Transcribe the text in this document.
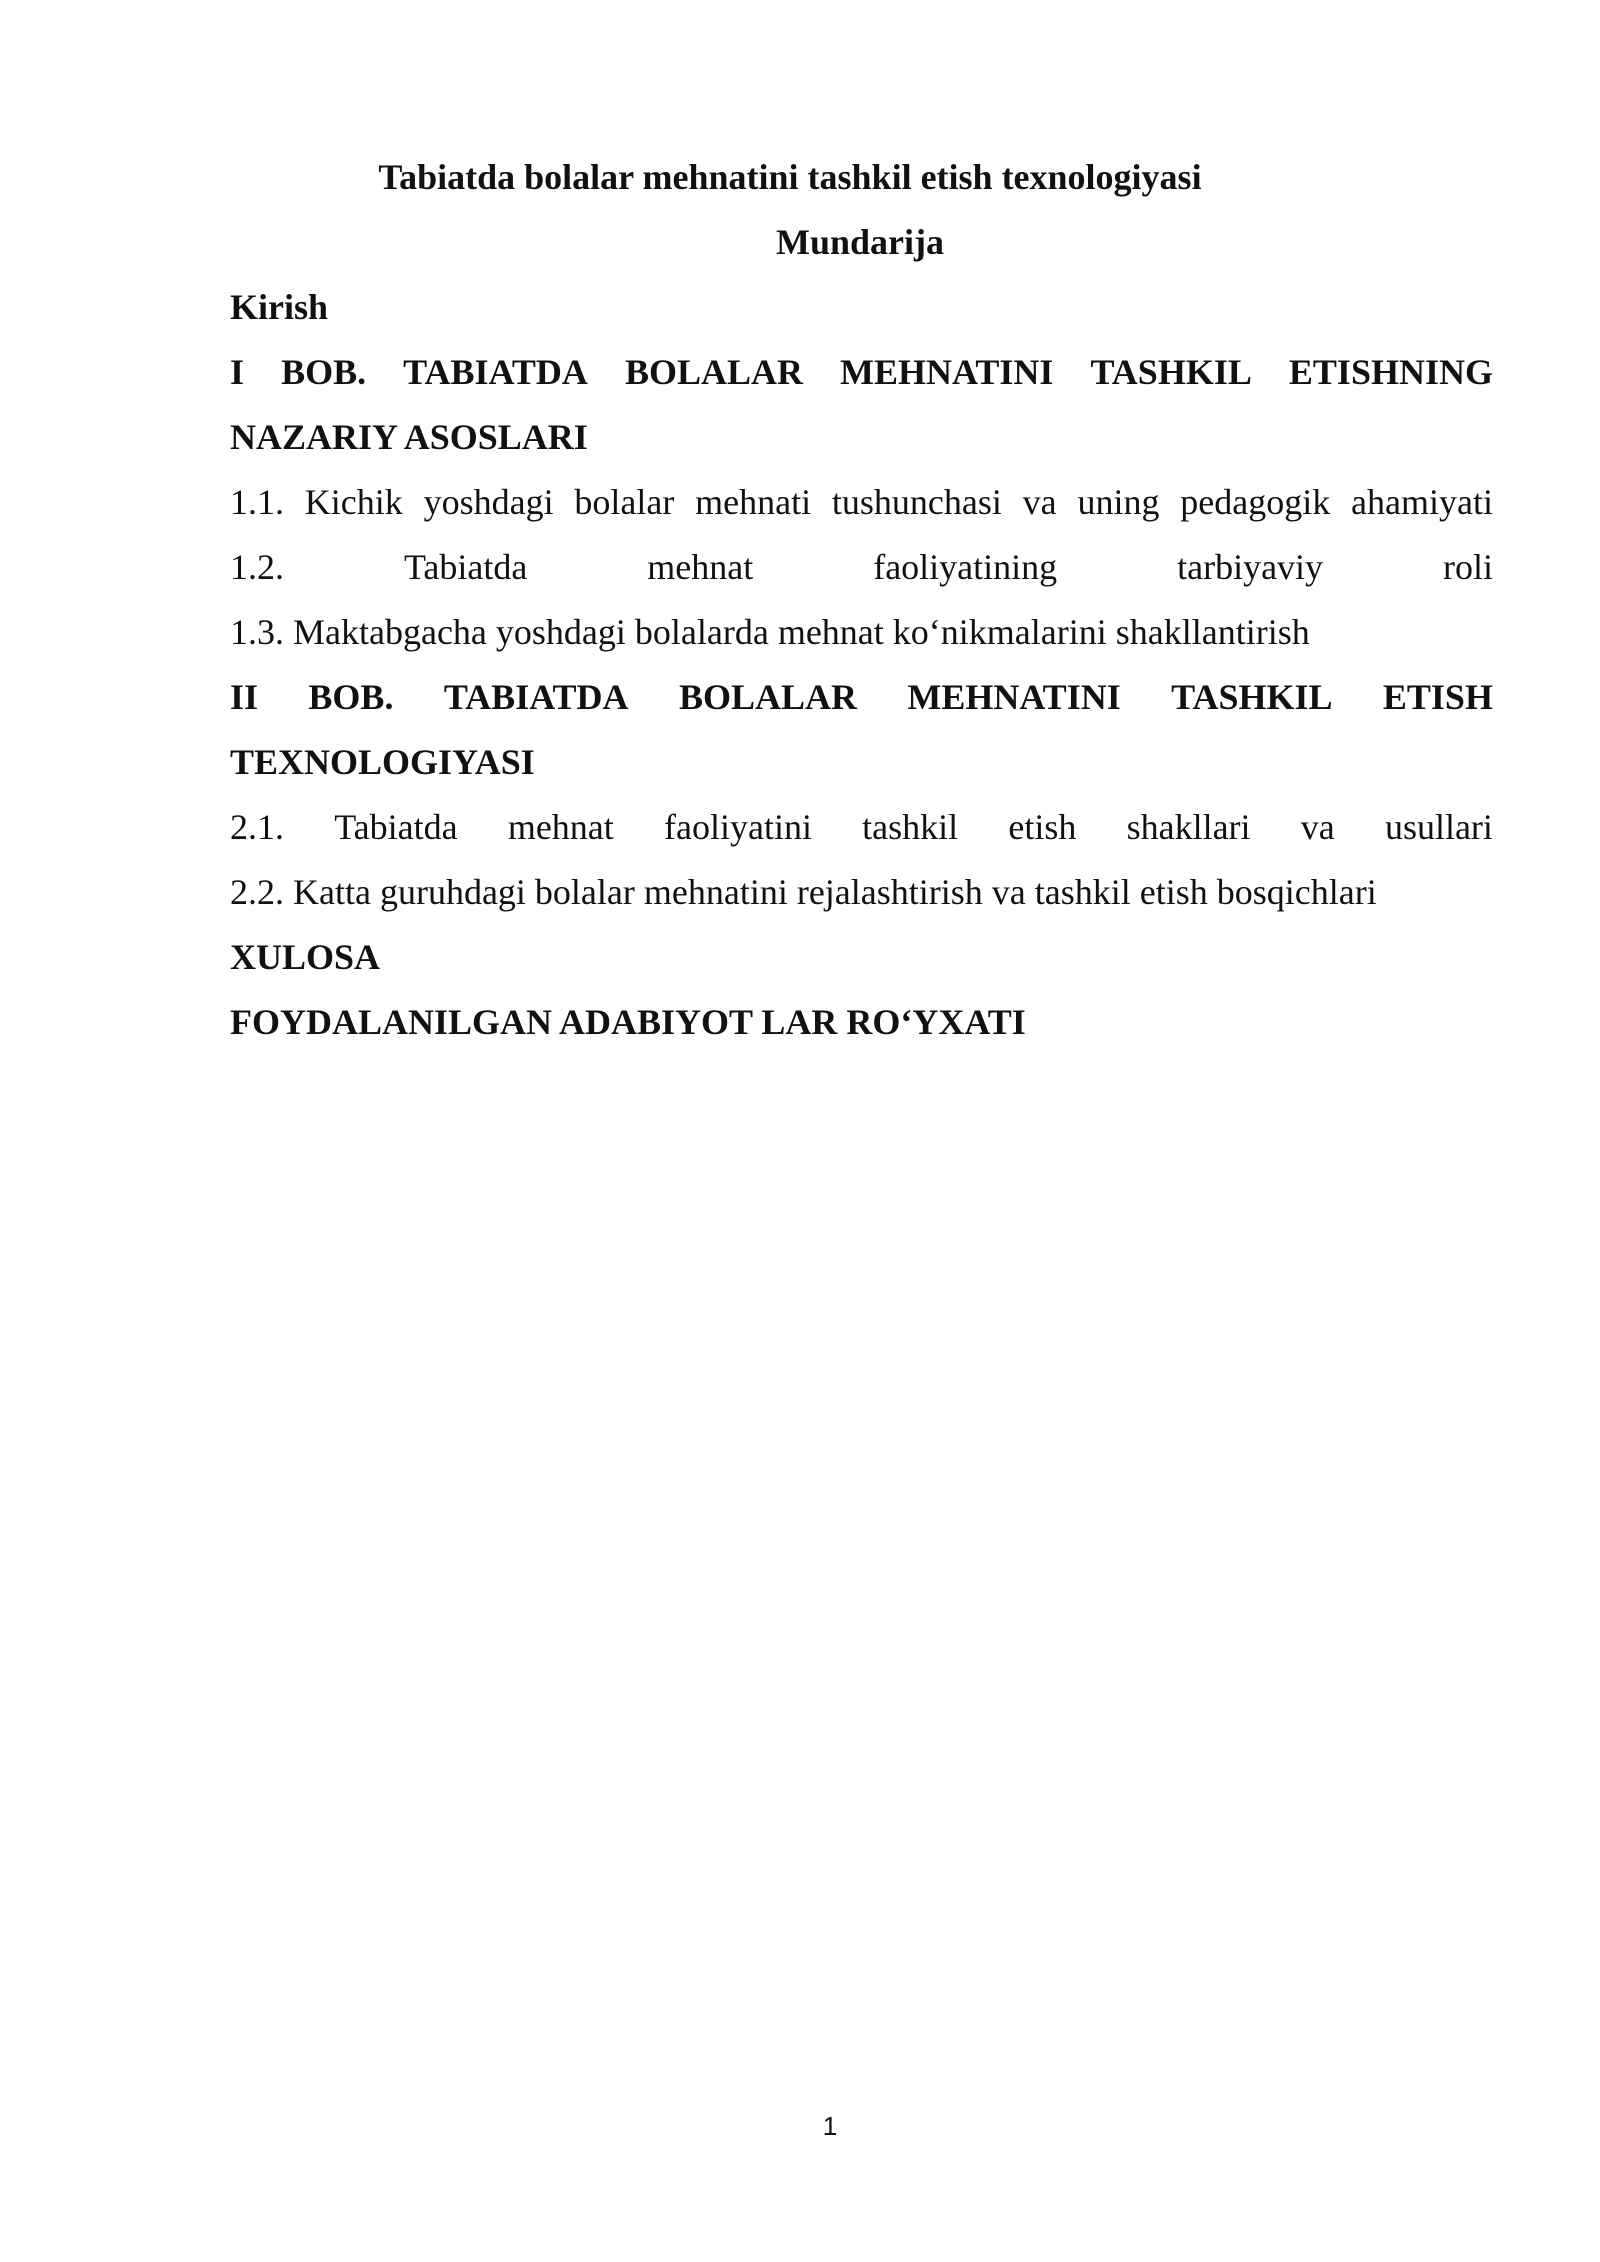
Tabiatda bolalar mehnatini tashkil etish texnologiyasi

Mundarija

Kirish

I BOB. TABIATDA BOLALAR MEHNATINI TASHKIL ETISHNING

NAZARIY ASOSLARI

1.1. Kichik yoshdagi bolalar mehnati tushunchasi va uning pedagogik ahamiyati
1.2.	Tabiatda	mehnat	faoliyatining	tarbiyaviy	roli

1.3. Maktabgacha yoshdagi bolalarda mehnat ko‘nikmalarini shakllantirish

II BOB. TABIATDA BOLALAR MEHNATINI TASHKIL ETISH

TEXNOLOGIYASI

2.1. Tabiatda mehnat faoliyatini tashkil etish shakllari va usullari

2.2. Katta guruhdagi bolalar mehnatini rejalashtirish va tashkil etish bosqichlari

XULOSA

FOYDALANILGAN ADABIYOT LAR RO‘YXATI

1
